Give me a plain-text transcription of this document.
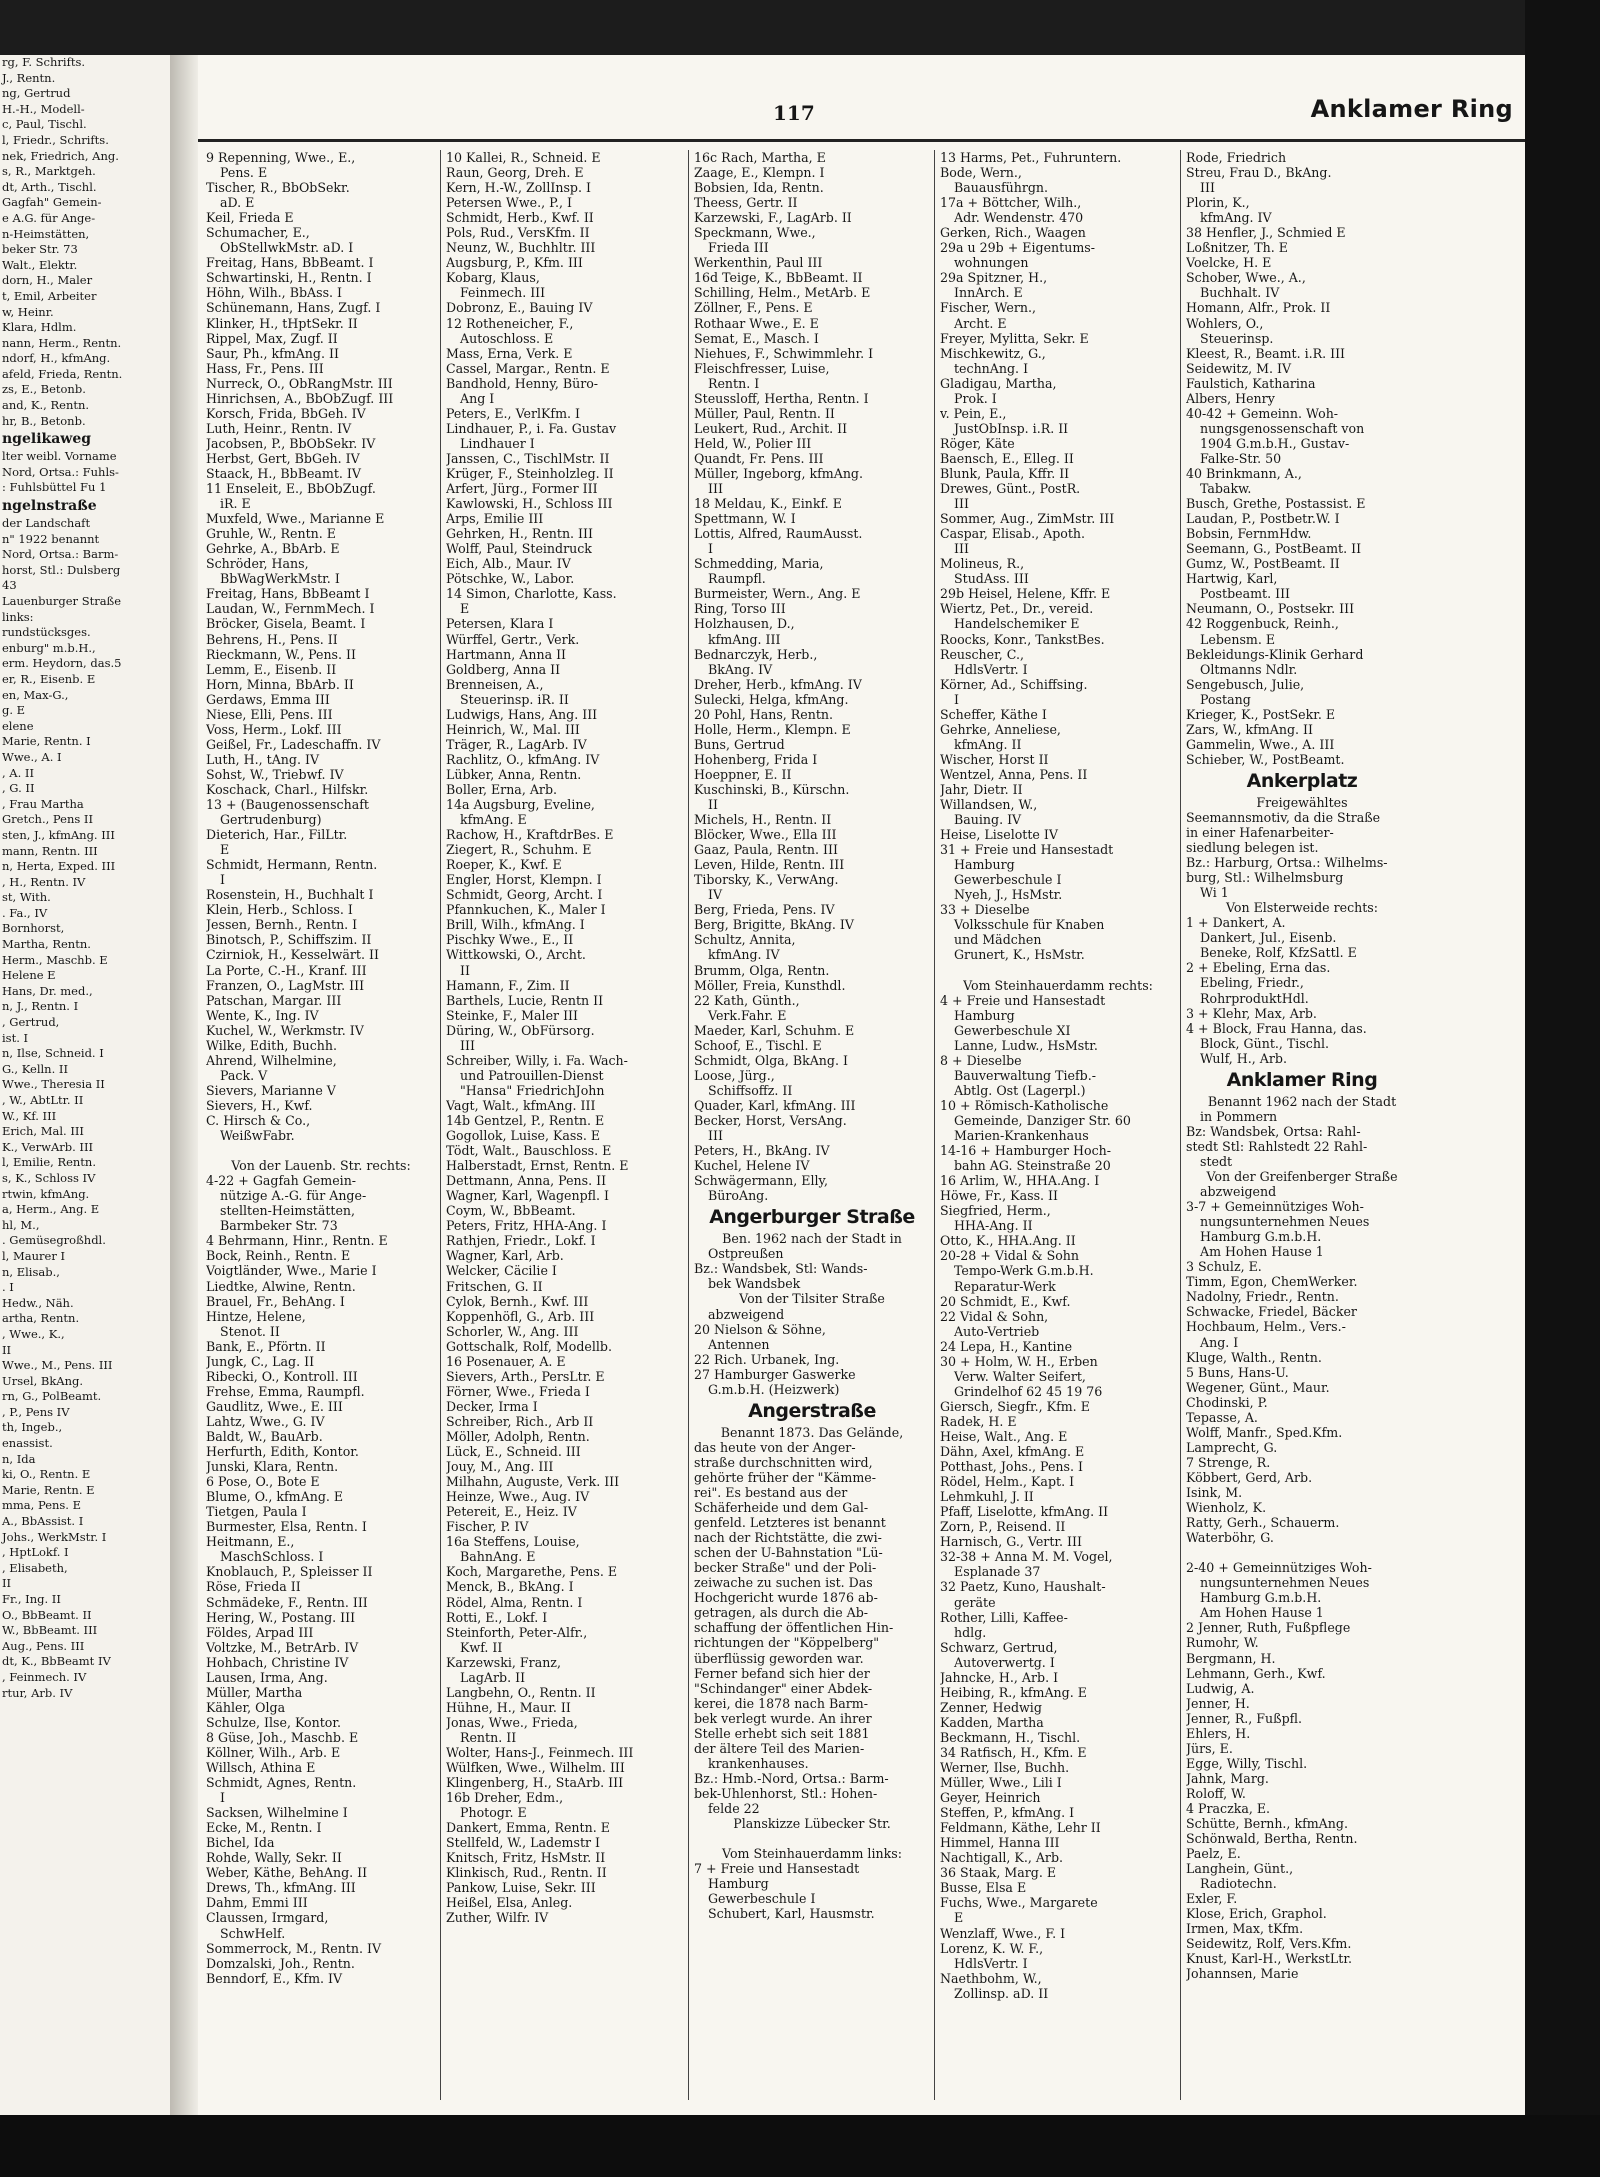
rg, F. Schrifts.
J., Rentn.
ng, Gertrud
H.-H., Modell-
c, Paul, Tischl.
l, Friedr., Schrifts.
nek, Friedrich, Ang.
s, R., Marktgeh.
dt, Arth., Tischl.
Gagfah" Gemein-
e A.G. für Ange-
n-Heimstätten,
beker Str. 73
Walt., Elektr.
dorn, H., Maler
t, Emil, Arbeiter
w, Heinr.
Klara, Hdlm.
nann, Herm., Rentn.
ndorf, H., kfmAng.
afeld, Frieda, Rentn.
zs, E., Betonb.
and, K., Rentn.
hr, B., Betonb.
ngelikaweg
lter weibl. Vorname
Nord, Ortsa.: Fuhls-
: Fuhlsbüttel Fu 1
ngelnstraße
der Landschaft
n" 1922 benannt
Nord, Ortsa.: Barm-
horst, Stl.: Dulsberg
43
Lauenburger Straße
links:
rundstücksges.
enburg" m.b.H.,
erm. Heydorn, das.5
er, R., Eisenb. E
en, Max-G.,
g. E
elene
Marie, Rentn. I
Wwe., A. I
, A. II
, G. II
, Frau Martha
Gretch., Pens II
sten, J., kfmAng. III
mann, Rentn. III
n, Herta, Exped. III
, H., Rentn. IV
st, With.
. Fa., IV
Bornhorst,
Martha, Rentn.
Herm., Maschb. E
Helene E
Hans, Dr. med.,
n, J., Rentn. I
, Gertrud,
ist. I
n, Ilse, Schneid. I
G., Kelln. II
Wwe., Theresia II
, W., AbtLtr. II
W., Kf. III
Erich, Mal. III
K., VerwArb. III
l, Emilie, Rentn.
s, K., Schloss IV
rtwin, kfmAng.
a, Herm., Ang. E
hl, M.,
. Gemüsegroßhdl.
l, Maurer I
n, Elisab.,
. I
Hedw., Näh.
artha, Rentn.
, Wwe., K.,
II
Wwe., M., Pens. III
Ursel, BkAng.
rn, G., PolBeamt.
, P., Pens IV
th, Ingeb.,
enassist.
n, Ida
ki, O., Rentn. E
Marie, Rentn. E
mma, Pens. E
A., BbAssist. I
Johs., WerkMstr. I
, HptLokf. I
, Elisabeth,
II
Fr., Ing. II
O., BbBeamt. II
W., BbBeamt. III
Aug., Pens. III
dt, K., BbBeamt IV
, Feinmech. IV
rtur, Arb. IV
117	Anklamer Ring
9 Repenning, Wwe., E.,
Pens. E
Tischer, R., BbObSekr.
aD. E
Keil, Frieda E
Schumacher, E.,
ObStellwkMstr. aD. I
Freitag, Hans, BbBeamt. I
Schwartinski, H., Rentn. I
Höhn, Wilh., BbAss. I
Schünemann, Hans, Zugf. I
Klinker, H., tHptSekr. II
Rippel, Max, Zugf. II
Saur, Ph., kfmAng. II
Hass, Fr., Pens. III
Nurreck, O., ObRangMstr. III
Hinrichsen, A., BbObZugf. III
Korsch, Frida, BbGeh. IV
Luth, Heinr., Rentn. IV
Jacobsen, P., BbObSekr. IV
Herbst, Gert, BbGeh. IV
Staack, H., BbBeamt. IV
11 Enseleit, E., BbObZugf.
iR. E
Muxfeld, Wwe., Marianne E
Gruhle, W., Rentn. E
Gehrke, A., BbArb. E
Schröder, Hans,
BbWagWerkMstr. I
Freitag, Hans, BbBeamt I
Laudan, W., FernmMech. I
Bröcker, Gisela, Beamt. I
Behrens, H., Pens. II
Rieckmann, W., Pens. II
Lemm, E., Eisenb. II
Horn, Minna, BbArb. II
Gerdaws, Emma III
Niese, Elli, Pens. III
Voss, Herm., Lokf. III
Geißel, Fr., Ladeschaffn. IV
Luth, H., tAng. IV
Sohst, W., Triebwf. IV
Koschack, Charl., Hilfskr.
13 + (Baugenossenschaft
Gertrudenburg)
Dieterich, Har., FilLtr.
E
Schmidt, Hermann, Rentn.
I
Rosenstein, H., Buchhalt I
Klein, Herb., Schloss. I
Jessen, Bernh., Rentn. I
Binotsch, P., Schiffszim. II
Czirniok, H., Kesselwärt. II
La Porte, C.-H., Kranf. III
Franzen, O., LagMstr. III
Patschan, Margar. III
Wente, K., Ing. IV
Kuchel, W., Werkmstr. IV
Wilke, Edith, Buchh.
Ahrend, Wilhelmine,
Pack. V
Sievers, Marianne V
Sievers, H., Kwf.
C. Hirsch & Co.,
WeißwFabr.

Von der Lauenb. Str. rechts:
4-22 + Gagfah Gemein-
nützige A.-G. für Ange-
stellten-Heimstätten,
Barmbeker Str. 73
4 Behrmann, Hinr., Rentn. E
Bock, Reinh., Rentn. E
Voigtländer, Wwe., Marie I
Liedtke, Alwine, Rentn.
Brauel, Fr., BehAng. I
Hintze, Helene,
Stenot. II
Bank, E., Pförtn. II
Jungk, C., Lag. II
Ribecki, O., Kontroll. III
Frehse, Emma, Raumpfl.
Gaudlitz, Wwe., E. III
Lahtz, Wwe., G. IV
Baldt, W., BauArb.
Herfurth, Edith, Kontor.
Junski, Klara, Rentn.
6 Pose, O., Bote E
Blume, O., kfmAng. E
Tietgen, Paula I
Burmester, Elsa, Rentn. I
Heitmann, E.,
MaschSchloss. I
Knoblauch, P., Spleisser II
Röse, Frieda II
Schmädeke, F., Rentn. III
Hering, W., Postang. III
Földes, Arpad III
Voltzke, M., BetrArb. IV
Hohbach, Christine IV
Lausen, Irma, Ang.
Müller, Martha
Kähler, Olga
Schulze, Ilse, Kontor.
8 Güse, Joh., Maschb. E
Köllner, Wilh., Arb. E
Willsch, Athina E
Schmidt, Agnes, Rentn.
I
Sacksen, Wilhelmine I
Ecke, M., Rentn. I
Bichel, Ida
Rohde, Wally, Sekr. II
Weber, Käthe, BehAng. II
Drews, Th., kfmAng. III
Dahm, Emmi III
Claussen, Irmgard,
SchwHelf.
Sommerrock, M., Rentn. IV
Domzalski, Joh., Rentn.
Benndorf, E., Kfm. IV
10 Kallei, R., Schneid. E
Raun, Georg, Dreh. E
Kern, H.-W., ZollInsp. I
Petersen Wwe., P., I
Schmidt, Herb., Kwf. II
Pols, Rud., VersKfm. II
Neunz, W., Buchhltr. III
Augsburg, P., Kfm. III
Kobarg, Klaus,
Feinmech. III
Dobronz, E., Bauing IV
12 Rotheneicher, F.,
Autoschloss. E
Mass, Erna, Verk. E
Cassel, Margar., Rentn. E
Bandhold, Henny, Büro-
Ang I
Peters, E., VerlKfm. I
Lindhauer, P., i. Fa. Gustav
Lindhauer I
Janssen, C., TischlMstr. II
Krüger, F., Steinholzleg. II
Arfert, Jürg., Former III
Kawlowski, H., Schloss III
Arps, Emilie III
Gehrken, H., Rentn. III
Wolff, Paul, Steindruck
Eich, Alb., Maur. IV
Pötschke, W., Labor.
14 Simon, Charlotte, Kass.
E
Petersen, Klara I
Würffel, Gertr., Verk.
Hartmann, Anna II
Goldberg, Anna II
Brenneisen, A.,
Steuerinsp. iR. II
Ludwigs, Hans, Ang. III
Heinrich, W., Mal. III
Träger, R., LagArb. IV
Rachlitz, O., kfmAng. IV
Lübker, Anna, Rentn.
Boller, Erna, Arb.
14a Augsburg, Eveline,
kfmAng. E
Rachow, H., KraftdrBes. E
Ziegert, R., Schuhm. E
Roeper, K., Kwf. E
Engler, Horst, Klempn. I
Schmidt, Georg, Archt. I
Pfannkuchen, K., Maler I
Brill, Wilh., kfmAng. I
Pischky Wwe., E., II
Wittkowski, O., Archt.
II
Hamann, F., Zim. II
Barthels, Lucie, Rentn II
Steinke, F., Maler III
Düring, W., ObFürsorg.
III
Schreiber, Willy, i. Fa. Wach-
und Patrouillen-Dienst
"Hansa" FriedrichJohn
Vagt, Walt., kfmAng. III
14b Gentzel, P., Rentn. E
Gogollok, Luise, Kass. E
Tödt, Walt., Bauschloss. E
Halberstadt, Ernst, Rentn. E
Dettmann, Anna, Pens. II
Wagner, Karl, Wagenpfl. I
Coym, W., BbBeamt.
Peters, Fritz, HHA-Ang. I
Rathjen, Friedr., Lokf. I
Wagner, Karl, Arb.
Welcker, Cäcilie I
Fritschen, G. II
Cylok, Bernh., Kwf. III
Koppenhöfl, G., Arb. III
Schorler, W., Ang. III
Gottschalk, Rolf, Modellb.
16 Posenauer, A. E
Sievers, Arth., PersLtr. E
Förner, Wwe., Frieda I
Decker, Irma I
Schreiber, Rich., Arb II
Möller, Adolph, Rentn.
Lück, E., Schneid. III
Jouy, M., Ang. III
Milhahn, Auguste, Verk. III
Heinze, Wwe., Aug. IV
Petereit, E., Heiz. IV
Fischer, P. IV
16a Steffens, Louise,
BahnAng. E
Koch, Margarethe, Pens. E
Menck, B., BkAng. I
Rödel, Alma, Rentn. I
Rotti, E., Lokf. I
Steinforth, Peter-Alfr.,
Kwf. II
Karzewski, Franz,
LagArb. II
Langbehn, O., Rentn. II
Hühne, H., Maur. II
Jonas, Wwe., Frieda,
Rentn. II
Wolter, Hans-J., Feinmech. III
Wülfken, Wwe., Wilhelm. III
Klingenberg, H., StaArb. III
16b Dreher, Edm.,
Photogr. E
Dankert, Emma, Rentn. E
Stellfeld, W., Lademstr I
Knitsch, Fritz, HsMstr. II
Klinkisch, Rud., Rentn. II
Pankow, Luise, Sekr. III
Heißel, Elsa, Anleg.
Zuther, Wilfr. IV
16c Rach, Martha, E
Zaage, E., Klempn. I
Bobsien, Ida, Rentn.
Theess, Gertr. II
Karzewski, F., LagArb. II
Speckmann, Wwe.,
Frieda III
Werkenthin, Paul III
16d Teige, K., BbBeamt. II
Schilling, Helm., MetArb. E
Zöllner, F., Pens. E
Rothaar Wwe., E. E
Semat, E., Masch. I
Niehues, F., Schwimmlehr. I
Fleischfresser, Luise,
Rentn. I
Steussloff, Hertha, Rentn. I
Müller, Paul, Rentn. II
Leukert, Rud., Archit. II
Held, W., Polier III
Quandt, Fr. Pens. III
Müller, Ingeborg, kfmAng.
III
18 Meldau, K., Einkf. E
Spettmann, W. I
Lottis, Alfred, RaumAusst.
I
Schmedding, Maria,
Raumpfl.
Burmeister, Wern., Ang. E
Ring, Torso III
Holzhausen, D.,
kfmAng. III
Bednarczyk, Herb.,
BkAng. IV
Dreher, Herb., kfmAng. IV
Sulecki, Helga, kfmAng.
20 Pohl, Hans, Rentn.
Holle, Herm., Klempn. E
Buns, Gertrud
Hohenberg, Frida I
Hoeppner, E. II
Kuschinski, B., Kürschn.
II
Michels, H., Rentn. II
Blöcker, Wwe., Ella III
Gaaz, Paula, Rentn. III
Leven, Hilde, Rentn. III
Tiborsky, K., VerwAng.
IV
Berg, Frieda, Pens. IV
Berg, Brigitte, BkAng. IV
Schultz, Annita,
kfmAng. IV
Brumm, Olga, Rentn.
Möller, Freia, Kunsthdl.
22 Kath, Günth.,
Verk.Fahr. E
Maeder, Karl, Schuhm. E
Schoof, E., Tischl. E
Schmidt, Olga, BkAng. I
Loose, Jürg.,
Schiffsoffz. II
Quader, Karl, kfmAng. III
Becker, Horst, VersAng.
III
Peters, H., BkAng. IV
Kuchel, Helene IV
Schwägermann, Elly,
BüroAng.
Angerburger Straße
Ben. 1962 nach der Stadt in
Ostpreußen
Bz.: Wandsbek, Stl: Wands-
bek Wandsbek
Von der Tilsiter Straße
abzweigend
20 Nielson & Söhne,
Antennen
22 Rich. Urbanek, Ing.
27 Hamburger Gaswerke
G.m.b.H. (Heizwerk)
Angerstraße
Benannt 1873. Das Gelände,
das heute von der Anger-
straße durchschnitten wird,
gehörte früher der "Kämme-
rei". Es bestand aus der
Schäferheide und dem Gal-
genfeld. Letzteres ist benannt
nach der Richtstätte, die zwi-
schen der U-Bahnstation "Lü-
becker Straße" und der Poli-
zeiwache zu suchen ist. Das
Hochgericht wurde 1876 ab-
getragen, als durch die Ab-
schaffung der öffentlichen Hin-
richtungen der "Köppelberg"
überflüssig geworden war.
Ferner befand sich hier der
"Schindanger" einer Abdek-
kerei, die 1878 nach Barm-
bek verlegt wurde. An ihrer
Stelle erhebt sich seit 1881
der ältere Teil des Marien-
krankenhauses.
Bz.: Hmb.-Nord, Ortsa.: Barm-
bek-Uhlenhorst, Stl.: Hohen-
felde 22
Planskizze Lübecker Str.

Vom Steinhauerdamm links:
7 + Freie und Hansestadt
Hamburg
Gewerbeschule I
Schubert, Karl, Hausmstr.
13 Harms, Pet., Fuhruntern.
Bode, Wern.,
Bauausführgn.
17a + Böttcher, Wilh.,
Adr. Wendenstr. 470
Gerken, Rich., Waagen
29a u 29b + Eigentums-
wohnungen
29a Spitzner, H.,
InnArch. E
Fischer, Wern.,
Archt. E
Freyer, Mylitta, Sekr. E
Mischkewitz, G.,
technAng. I
Gladigau, Martha,
Prok. I
v. Pein, E.,
JustObInsp. i.R. II
Röger, Käte
Baensch, E., Elleg. II
Blunk, Paula, Kffr. II
Drewes, Günt., PostR.
III
Sommer, Aug., ZimMstr. III
Caspar, Elisab., Apoth.
III
Molineus, R.,
StudAss. III
29b Heisel, Helene, Kffr. E
Wiertz, Pet., Dr., vereid.
Handelschemiker E
Roocks, Konr., TankstBes.
Reuscher, C.,
HdlsVertr. I
Körner, Ad., Schiffsing.
I
Scheffer, Käthe I
Gehrke, Anneliese,
kfmAng. II
Wischer, Horst II
Wentzel, Anna, Pens. II
Jahr, Dietr. II
Willandsen, W.,
Bauing. IV
Heise, Liselotte IV
31 + Freie und Hansestadt
Hamburg
Gewerbeschule I
Nyeh, J., HsMstr.
33 + Dieselbe
Volksschule für Knaben
und Mädchen
Grunert, K., HsMstr.

Vom Steinhauerdamm rechts:
4 + Freie und Hansestadt
Hamburg
Gewerbeschule XI
Lanne, Ludw., HsMstr.
8 + Dieselbe
Bauverwaltung Tiefb.-
Abtlg. Ost (Lagerpl.)
10 + Römisch-Katholische
Gemeinde, Danziger Str. 60
Marien-Krankenhaus
14-16 + Hamburger Hoch-
bahn AG. Steinstraße 20
16 Arlim, W., HHA.Ang. I
Höwe, Fr., Kass. II
Siegfried, Herm.,
HHA-Ang. II
Otto, K., HHA.Ang. II
20-28 + Vidal & Sohn
Tempo-Werk G.m.b.H.
Reparatur-Werk
20 Schmidt, E., Kwf.
22 Vidal & Sohn,
Auto-Vertrieb
24 Lepa, H., Kantine
30 + Holm, W. H., Erben
Verw. Walter Seifert,
Grindelhof 62 45 19 76
Giersch, Siegfr., Kfm. E
Radek, H. E
Heise, Walt., Ang. E
Dähn, Axel, kfmAng. E
Potthast, Johs., Pens. I
Rödel, Helm., Kapt. I
Lehmkuhl, J. II
Pfaff, Liselotte, kfmAng. II
Zorn, P., Reisend. II
Harnisch, G., Vertr. III
32-38 + Anna M. M. Vogel,
Esplanade 37
32 Paetz, Kuno, Haushalt-
geräte
Rother, Lilli, Kaffee-
hdlg.
Schwarz, Gertrud,
Autoverwertg. I
Jahncke, H., Arb. I
Heibing, R., kfmAng. E
Zenner, Hedwig
Kadden, Martha
Beckmann, H., Tischl.
34 Ratfisch, H., Kfm. E
Werner, Ilse, Buchh.
Müller, Wwe., Lili I
Geyer, Heinrich
Steffen, P., kfmAng. I
Feldmann, Käthe, Lehr II
Himmel, Hanna III
Nachtigall, K., Arb.
36 Staak, Marg. E
Busse, Elsa E
Fuchs, Wwe., Margarete
E
Wenzlaff, Wwe., F. I
Lorenz, K. W. F.,
HdlsVertr. I
Naethbohm, W.,
Zollinsp. aD. II
Rode, Friedrich
Streu, Frau D., BkAng.
III
Plorin, K.,
kfmAng. IV
38 Henfler, J., Schmied E
Loßnitzer, Th. E
Voelcke, H. E
Schober, Wwe., A.,
Buchhalt. IV
Homann, Alfr., Prok. II
Wohlers, O.,
Steuerinsp.
Kleest, R., Beamt. i.R. III
Seidewitz, M. IV
Faulstich, Katharina
Albers, Henry
40-42 + Gemeinn. Woh-
nungsgenossenschaft von
1904 G.m.b.H., Gustav-
Falke-Str. 50
40 Brinkmann, A.,
Tabakw.
Busch, Grethe, Postassist. E
Laudan, P., Postbetr.W. I
Bobsin, FernmHdw.
Seemann, G., PostBeamt. II
Gumz, W., PostBeamt. II
Hartwig, Karl,
Postbeamt. III
Neumann, O., Postsekr. III
42 Roggenbuck, Reinh.,
Lebensm. E
Bekleidungs-Klinik Gerhard
Oltmanns Ndlr.
Sengebusch, Julie,
Postang
Krieger, K., PostSekr. E
Zars, W., kfmAng. II
Gammelin, Wwe., A. III
Schieber, W., PostBeamt.
Ankerplatz
Freigewähltes
Seemannsmotiv, da die Straße
in einer Hafenarbeiter-
siedlung belegen ist.
Bz.: Harburg, Ortsa.: Wilhelms-
burg, Stl.: Wilhelmsburg
Wi 1
Von Elsterweide rechts:
1 + Dankert, A.
Dankert, Jul., Eisenb.
Beneke, Rolf, KfzSattl. E
2 + Ebeling, Erna das.
Ebeling, Friedr.,
RohrproduktHdl.
3 + Klehr, Max, Arb.
4 + Block, Frau Hanna, das.
Block, Günt., Tischl.
Wulf, H., Arb.
Anklamer Ring
Benannt 1962 nach der Stadt
in Pommern
Bz: Wandsbek, Ortsa: Rahl-
stedt Stl: Rahlstedt 22 Rahl-
stedt
Von der Greifenberger Straße
abzweigend
3-7 + Gemeinnütziges Woh-
nungsunternehmen Neues
Hamburg G.m.b.H.
Am Hohen Hause 1
3 Schulz, E.
Timm, Egon, ChemWerker.
Nadolny, Friedr., Rentn.
Schwacke, Friedel, Bäcker
Hochbaum, Helm., Vers.-
Ang. I
Kluge, Walth., Rentn.
5 Buns, Hans-U.
Wegener, Günt., Maur.
Chodinski, P.
Tepasse, A.
Wolff, Manfr., Sped.Kfm.
Lamprecht, G.
7 Strenge, R.
Köbbert, Gerd, Arb.
Isink, M.
Wienholz, K.
Ratty, Gerh., Schauerm.
Waterböhr, G.

2-40 + Gemeinnütziges Woh-
nungsunternehmen Neues
Hamburg G.m.b.H.
Am Hohen Hause 1
2 Jenner, Ruth, Fußpflege
Rumohr, W.
Bergmann, H.
Lehmann, Gerh., Kwf.
Ludwig, A.
Jenner, H.
Jenner, R., Fußpfl.
Ehlers, H.
Jürs, E.
Egge, Willy, Tischl.
Jahnk, Marg.
Roloff, W.
4 Praczka, E.
Schütte, Bernh., kfmAng.
Schönwald, Bertha, Rentn.
Paelz, E.
Langhein, Günt.,
Radiotechn.
Exler, F.
Klose, Erich, Graphol.
Irmen, Max, tKfm.
Seidewitz, Rolf, Vers.Kfm.
Knust, Karl-H., WerkstLtr.
Johannsen, Marie
